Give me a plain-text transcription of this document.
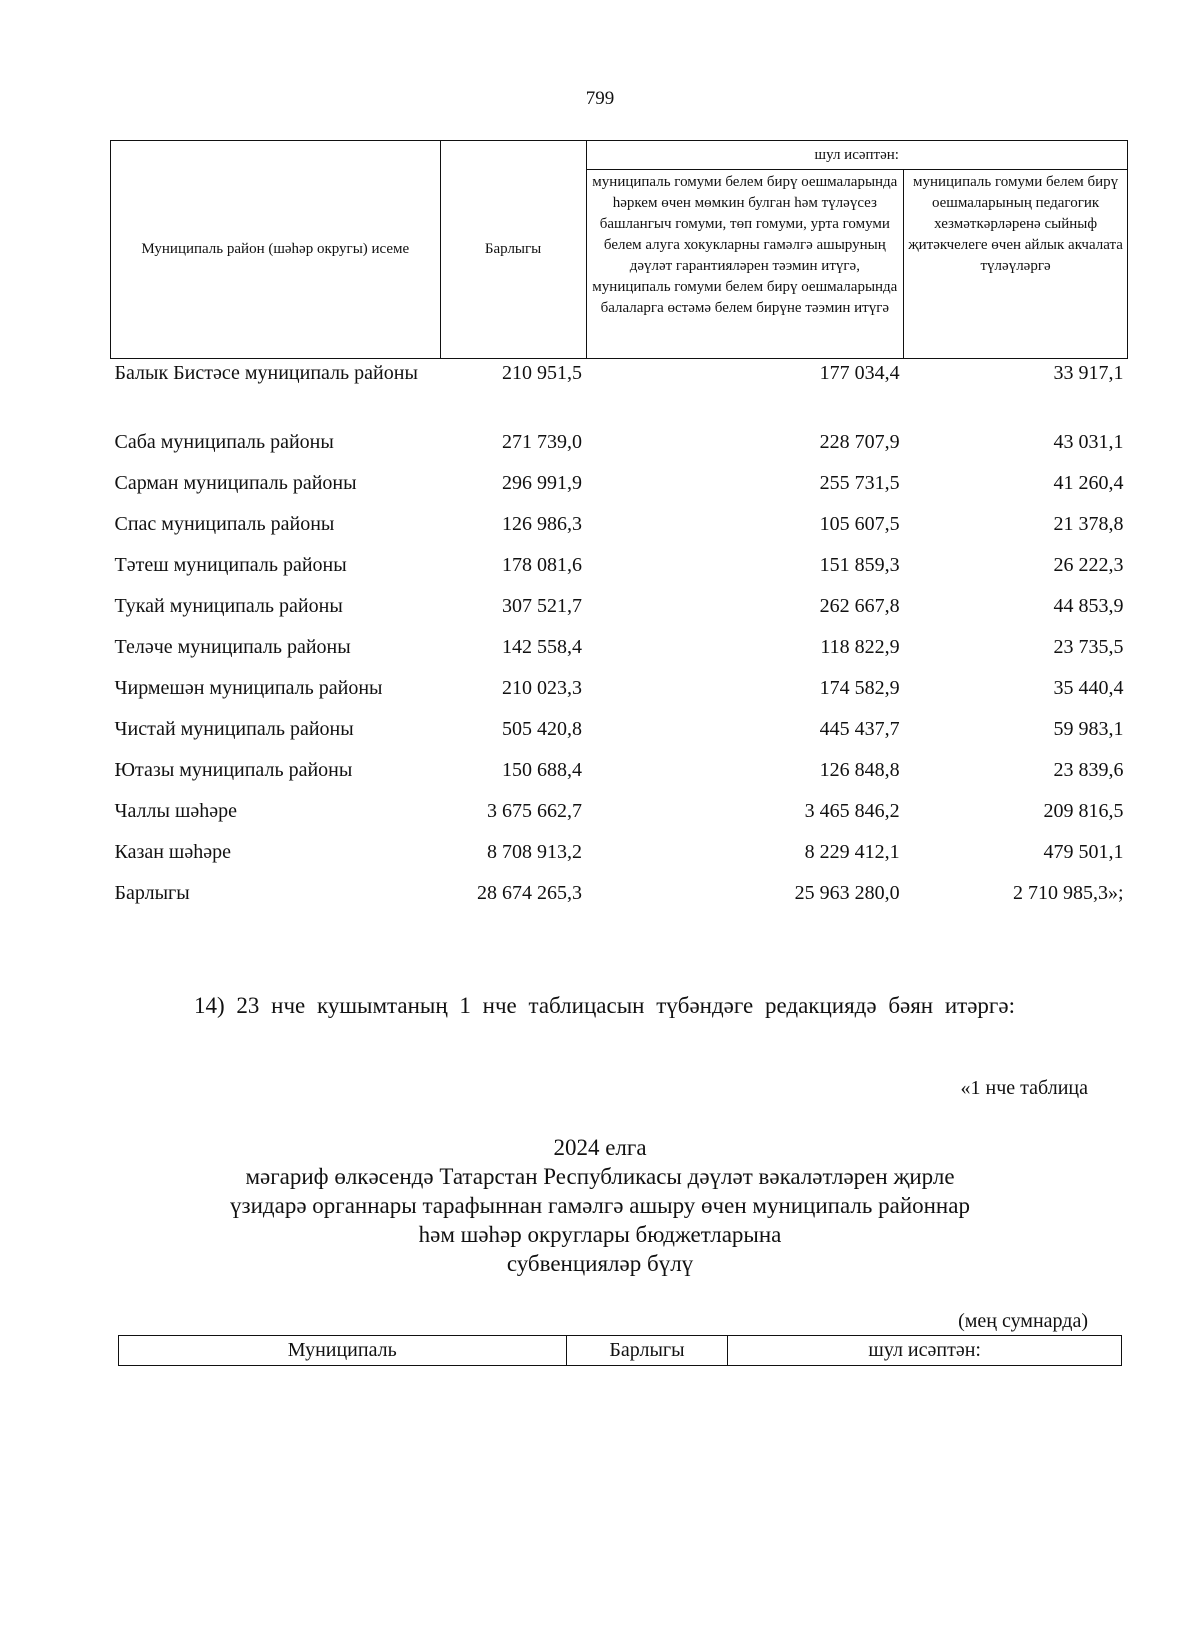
799
Муниципаль район (шәһәр округы) исеме	Барлыгы	шул исәптән:	
		муниципаль гомуми белем бирү оешмаларында һәркем өчен мөмкин булган һәм түләүсез башлангыч гомуми, төп гомуми, урта гомуми белем алуга хокукларны гамәлгә ашыруның дәүләт гарантияләрен тәэмин итүгә, муниципаль гомуми белем бирү оешмаларында балаларга өстәмә белем бирүне тәэмин итүгә	муниципаль гомуми белем бирү оешмаларының педагогик хезмәткәрләренә сыйныф җитәкчелеге өчен айлык акчалата түләүләргә
Балык Бистәсе муниципаль районы	210 951,5	177 034,4	33 917,1
Саба муниципаль районы	271 739,0	228 707,9	43 031,1
Сарман муниципаль районы	296 991,9	255 731,5	41 260,4
Спас муниципаль районы	126 986,3	105 607,5	21 378,8
Тәтеш муниципаль районы	178 081,6	151 859,3	26 222,3
Тукай муниципаль районы	307 521,7	262 667,8	44 853,9
Теләче муниципаль районы	142 558,4	118 822,9	23 735,5
Чирмешән муниципаль районы	210 023,3	174 582,9	35 440,4
Чистай муниципаль районы	505 420,8	445 437,7	59 983,1
Ютазы муниципаль районы	150 688,4	126 848,8	23 839,6
Чаллы шәһәре	3 675 662,7	3 465 846,2	209 816,5
Казан шәһәре	8 708 913,2	8 229 412,1	479 501,1
Барлыгы	28 674 265,3	25 963 280,0	2 710 985,3»;
14) 23 нче кушымтаның 1 нче таблицасын түбәндәге редакциядә бәян итәргә:
«1 нче таблица
2024 елга
мәгариф өлкәсендә Татарстан Республикасы дәүләт вәкаләтләрен җирле
үзидарә органнары тарафыннан гамәлгә ашыру өчен муниципаль районнар
һәм шәһәр округлары бюджетларына
субвенцияләр бүлү
(мең сумнарда)
Муниципаль	Барлыгы	шул исәптән:
